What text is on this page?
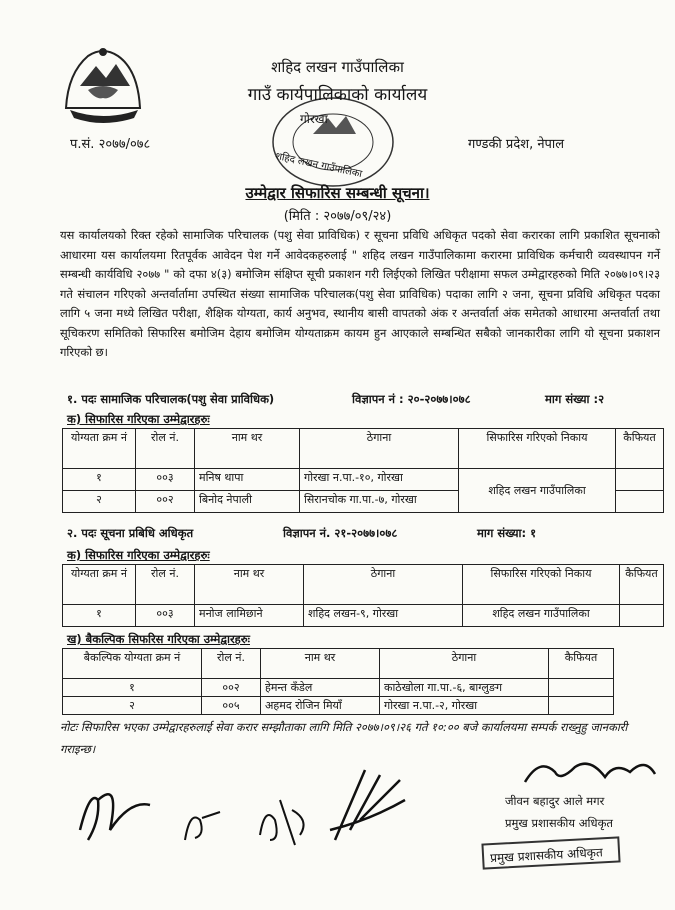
शहिद लखन गाउँपालिका
गाउँ कार्यपालिकाको कार्यालय
गोरखा
प.सं. २०७७/०७८	गण्डकी प्रदेश, नेपाल
शहिद लखन गाउँपालिका
उम्मेद्वार सिफारिस सम्बन्धी सूचना।
(मिति : २०७७/०९/२४)
यस कार्यालयको रिक्त रहेको सामाजिक परिचालक (पशु सेवा प्राविधिक) र सूचना प्रविधि अधिकृत पदको सेवा करारका लागि प्रकाशित सूचनाको आधारमा यस कार्यालयमा रितपूर्वक आवेदन पेश गर्ने आवेदकहरुलाई " शहिद लखन गाउँपालिकामा करारमा प्राविधिक कर्मचारी व्यवस्थापन गर्ने सम्बन्धी कार्यविधि २०७७ " को दफा ४(३) बमोजिम संक्षिप्त सूची प्रकाशन गरी लिईएको लिखित परीक्षामा सफल उम्मेद्वारहरुको मिति २०७७।०९।२३ गते संचालन गरिएको अन्तर्वार्तामा उपस्थित संख्या सामाजिक परिचालक(पशु सेवा प्राविधिक) पदाका लागि २ जना, सूचना प्रविधि अधिकृत पदका लागि ५ जना मध्ये लिखित परीक्षा, शैक्षिक योग्यता, कार्य अनुभव, स्थानीय बासी वापतको अंक र अन्तर्वार्ता अंक समेतको आधारमा अन्तर्वार्ता तथा सूचिकरण समितिको सिफारिस बमोजिम देहाय बमोजिम योग्यताक्रम कायम हुन आएकाले सम्बन्धित सबैको जानकारीका लागि यो सूचना प्रकाशन गरिएको छ।
१. पदः सामाजिक परिचालक(पशु सेवा प्राविधिक)	विज्ञापन नं : २०-२०७७।०७८	माग संख्या :२
क) सिफारिस गरिएका उम्मेद्वारहरुः
योग्यता क्रम नं	रोल नं.	नाम थर	ठेगाना	सिफारिस गरिएको निकाय	कैफियत
१	००३	मनिष थापा	गोरखा न.पा.-१०, गोरखा	शहिद लखन गाउँपालिका	
२	००२	बिनोद नेपाली	सिरानचोक गा.पा.-७, गोरखा		
२. पदः सूचना प्रबिधि अधिकृत	विज्ञापन नं. २१-२०७७।०७८	माग संख्या: १
क) सिफारिस गरिएका उम्मेद्वारहरुः
योग्यता क्रम नं	रोल नं.	नाम थर	ठेगाना	सिफारिस गरिएको निकाय	कैफियत
१	००३	मनोज लामिछाने	शहिद लखन-९, गोरखा	शहिद लखन गाउँपालिका	
ख) बैकल्पिक सिफरिस गरिएका उम्मेद्वारहरुः
बैकल्पिक योग्यता क्रम नं	रोल नं.	नाम थर	ठेगाना	कैफियत
१	००२	हेमन्त कँडेल	काठेखोला गा.पा.-६, बाग्लुङग	
२	००५	अहमद रोजिन मियाँ	गोरखा न.पा.-२, गोरखा	
नोटः सिफारिस भएका उम्मेद्वारहरुलाई सेवा करार सम्झौताका लागि मिति २०७७।०९।२६ गते १०:०० बजे कार्यालयमा सम्पर्क राख्नुहु जानकारी गराइन्छ।
जीवन बहादुर आले मगर
प्रमुख प्रशासकीय अधिकृत
प्रमुख प्रशासकीय अधिकृत
